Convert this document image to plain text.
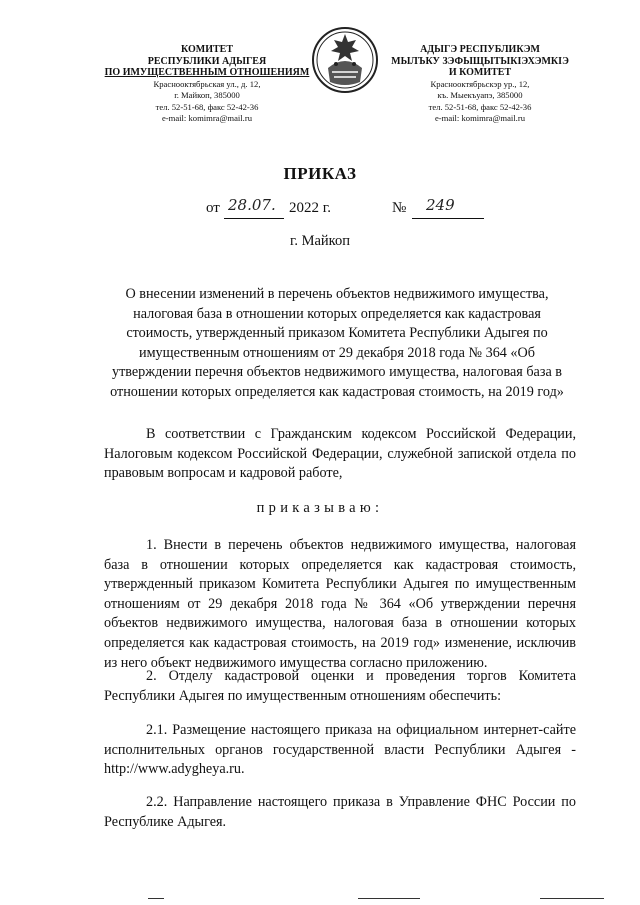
КОМИТЕТ
РЕСПУБЛИКИ АДЫГЕЯ
ПО ИМУЩЕСТВЕННЫМ ОТНОШЕНИЯМ
Красноoктябрьская ул., д. 12,
г. Майкоп, 385000
тел. 52-51-68, факс 52-42-36
e-mail: komimra@mail.ru
АДЫГЭ РЕСПУБЛИКЭМ
МЫЛЪКУ ЗЭФЫЩЫТЫКIЭХЭМКIЭ
И КОМИТЕТ
Краснооктябрьскэр ур., 12,
къ. Мыекъуапэ, 385000
тел. 52-51-68, факс 52-42-36
e-mail: komimra@mail.ru
ПРИКАЗ
от 28.07. 2022 г.	№ 249
г. Майкоп
О внесении изменений в перечень объектов недвижимого имущества, налоговая база в отношении которых определяется как кадастровая стоимость, утвержденный приказом Комитета Республики Адыгея по имущественным отношениям от 29 декабря 2018 года № 364 «Об утверждении перечня объектов недвижимого имущества, налоговая база в отношении которых определяется как кадастровая стоимость, на 2019 год»
В соответствии с Гражданским кодексом Российской Федерации, Налоговым кодексом Российской Федерации, служебной запиской отдела по правовым вопросам и кадровой работе,
приказываю:
1. Внести в перечень объектов недвижимого имущества, налоговая база в отношении которых определяется как кадастровая стоимость, утвержденный приказом Комитета Республики Адыгея по имущественным отношениям от 29 декабря 2018 года № 364 «Об утверждении перечня объектов недвижимого имущества, налоговая база в отношении которых определяется как кадастровая стоимость, на 2019 год» изменение, исключив из него объект недвижимого имущества согласно приложению.
2. Отделу кадастровой оценки и проведения торгов Комитета Республики Адыгея по имущественным отношениям обеспечить:
2.1. Размещение настоящего приказа на официальном интернет-сайте исполнительных органов государственной власти Республики Адыгея - http://www.adygheya.ru.
2.2. Направление настоящего приказа в Управление ФНС России по Республике Адыгея.
